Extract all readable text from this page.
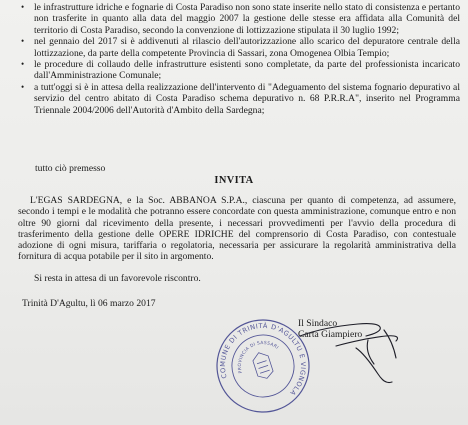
• le infrastrutture idriche e fognarie di Costa Paradiso non sono state inserite nello stato di consistenza e pertanto non trasferite in quanto alla data del maggio 2007 la gestione delle stesse era affidata alla Comunità del territorio di Costa Paradiso, secondo la convenzione di lottizzazione stipulata il 30 luglio 1992;
• nel gennaio del 2017 si è addivenuti al rilascio dell'autorizzazione allo scarico del depuratore centrale della lottizzazione, da parte della competente Provincia di Sassari, zona Omogenea Olbia Tempio;
• le procedure di collaudo delle infrastrutture esistenti sono completate, da parte del professionista incaricato dall'Amministrazione Comunale;
• a tutt'oggi si è in attesa della realizzazione dell'intervento di "Adeguamento del sistema fognario depurativo al servizio del centro abitato di Costa Paradiso schema depurativo n. 68 P.R.R.A", inserito nel Programma Triennale 2004/2006 dell'Autorità d'Ambito della Sardegna;
tutto ciò premesso
INVITA
L'EGAS SARDEGNA, e la Soc. ABBANOA S.P.A., ciascuna per quanto di competenza, ad assumere, secondo i tempi e le modalità che potranno essere concordate con questa amministrazione, comunque entro e non oltre 90 giorni dal ricevimento della presente, i necessari provvedimenti per l'avvio della procedura di trasferimento della gestione delle OPERE IDRICHE del comprensorio di Costa Paradiso, con contestuale adozione di ogni misura, tariffaria o regolatoria, necessaria per assicurare la regolarità amministrativa della fornitura di acqua potabile per il sito in argomento.
Si resta in attesa di un favorevole riscontro.
Trinità D'Agultu, lì 06 marzo 2017
COMUNE DI TRINITÀ D'AGULTU E VIGNOLA
PROVINCIA DI SASSARI
Il Sindaco
Carta Giampiero
